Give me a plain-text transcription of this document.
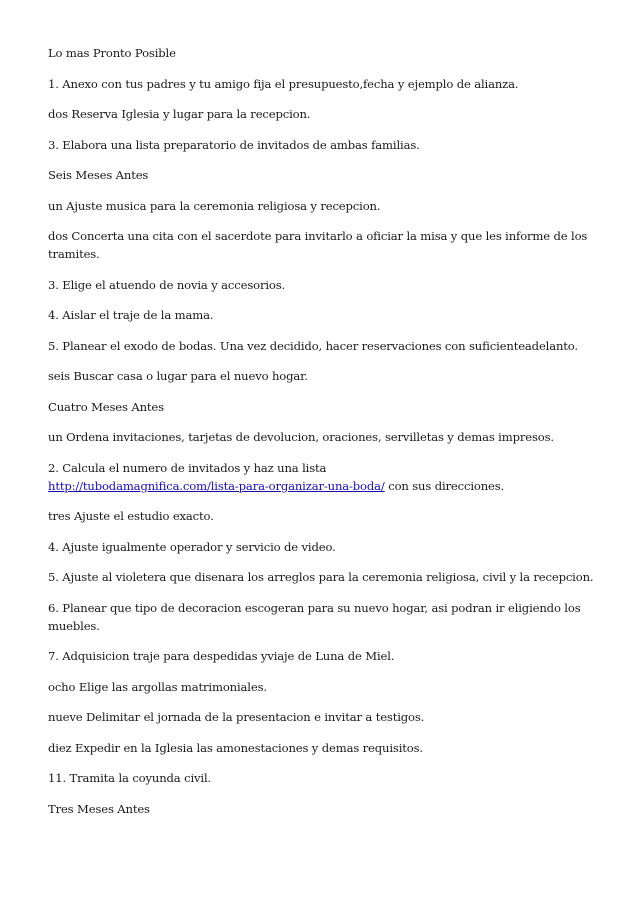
Lo mas Pronto Posible

1. Anexo con tus padres y tu amigo fija el presupuesto,fecha y ejemplo de alianza.

dos Reserva Iglesia y lugar para la recepcion.

3. Elabora una lista preparatorio de invitados de ambas familias.

Seis Meses Antes

un Ajuste musica para la ceremonia religiosa y recepcion.

dos Concerta una cita con el sacerdote para invitarlo a oficiar la misa y que les informe de los tramites.

3. Elige el atuendo de novia y accesorios.

4. Aislar el traje de la mama.

5. Planear el exodo de bodas. Una vez decidido, hacer reservaciones con suficienteadelanto.

seis Buscar casa o lugar para el nuevo hogar.

Cuatro Meses Antes

un Ordena invitaciones, tarjetas de devolucion, oraciones, servilletas y demas impresos.

2. Calcula el numero de invitados y haz una lista
http://tubodamagnifica.com/lista-para-organizar-una-boda/ con sus direcciones.

tres Ajuste el estudio exacto.

4. Ajuste igualmente operador y servicio de video.

5. Ajuste al violetera que disenara los arreglos para la ceremonia religiosa, civil y la recepcion.

6. Planear que tipo de decoracion escogeran para su nuevo hogar, asi podran ir eligiendo los muebles.

7. Adquisicion traje para despedidas yviaje de Luna de Miel.

ocho Elige las argollas matrimoniales.

nueve Delimitar el jornada de la presentacion e invitar a testigos.

diez Expedir en la Iglesia las amonestaciones y demas requisitos.

11. Tramita la coyunda civil.

Tres Meses Antes
